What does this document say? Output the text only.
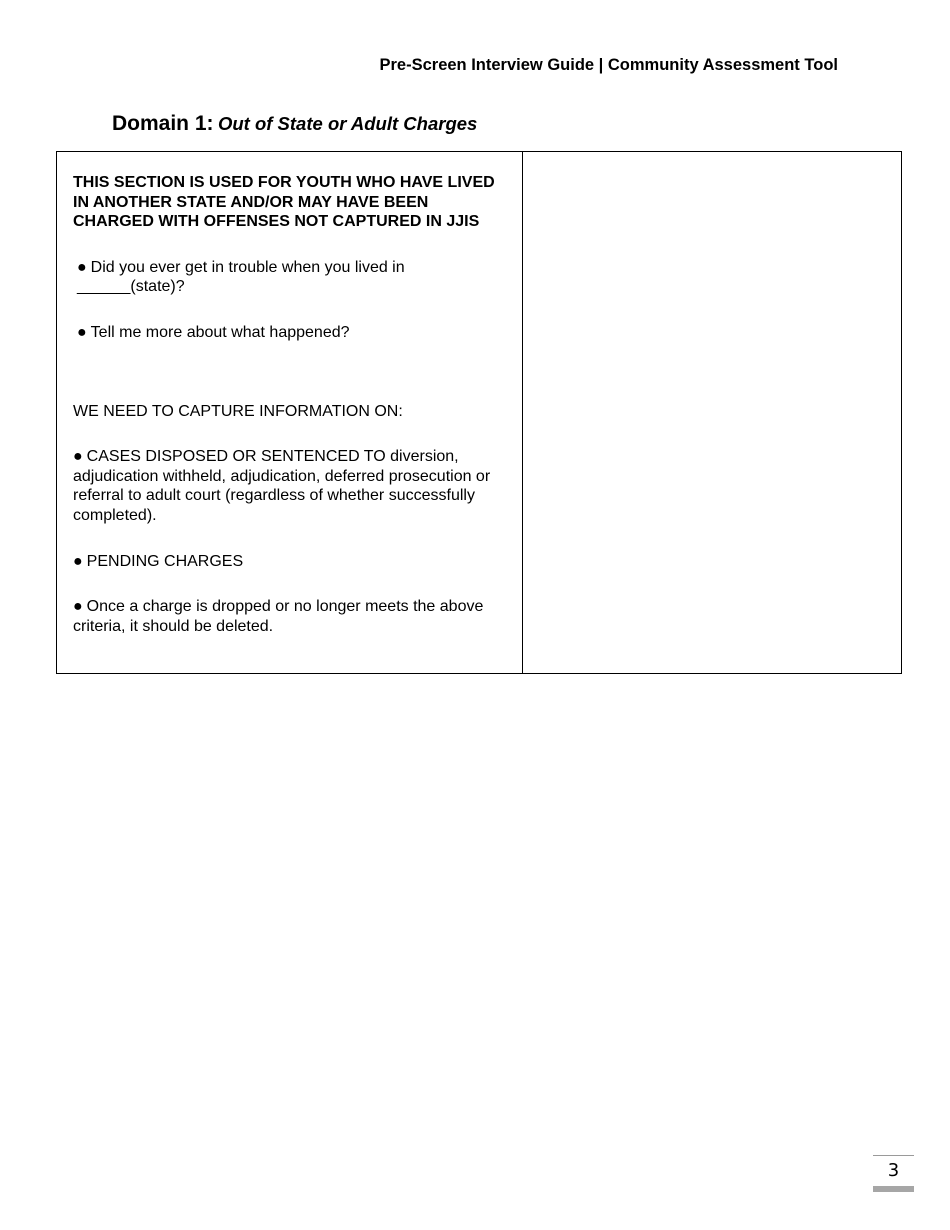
Pre-Screen Interview Guide | Community Assessment Tool
Domain 1: Out of State or Adult Charges

THIS SECTION IS USED FOR YOUTH WHO HAVE LIVED IN ANOTHER STATE AND/OR MAY HAVE BEEN CHARGED WITH OFFENSES NOT CAPTURED IN JJIS

● Did you ever get in trouble when you lived in ______(state)?

● Tell me more about what happened?

WE NEED TO CAPTURE INFORMATION ON:

● CASES DISPOSED OR SENTENCED TO diversion, adjudication withheld, adjudication, deferred prosecution or referral to adult court (regardless of whether successfully completed).

● PENDING CHARGES

● Once a charge is dropped or no longer meets the above criteria, it should be deleted.

3
